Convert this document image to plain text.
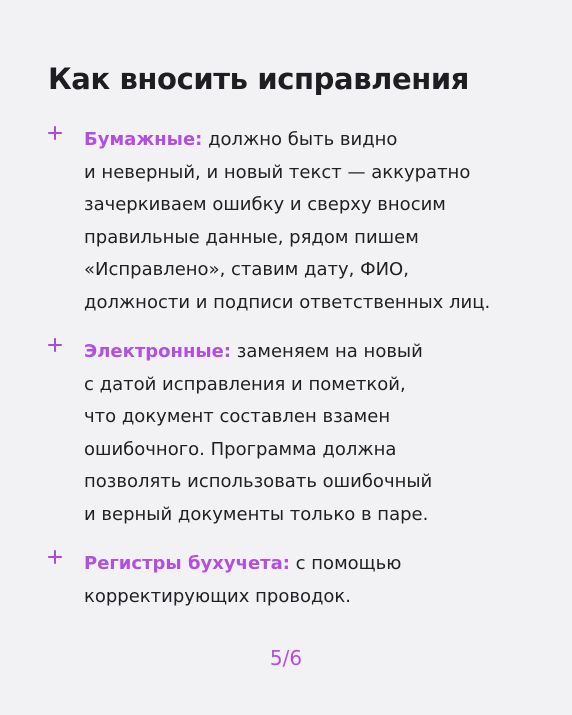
Как вносить исправления
Бумажные: должно быть видно
и неверный, и новый текст — аккуратно
зачеркиваем ошибку и сверху вносим
правильные данные, рядом пишем
«Исправлено», ставим дату, ФИО,
должности и подписи ответственных лиц.
Электронные: заменяем на новый
с датой исправления и пометкой,
что документ составлен взамен
ошибочного. Программа должна
позволять использовать ошибочный
и верный документы только в паре.
Регистры бухучета: с помощью
корректирующих проводок.
5/6
